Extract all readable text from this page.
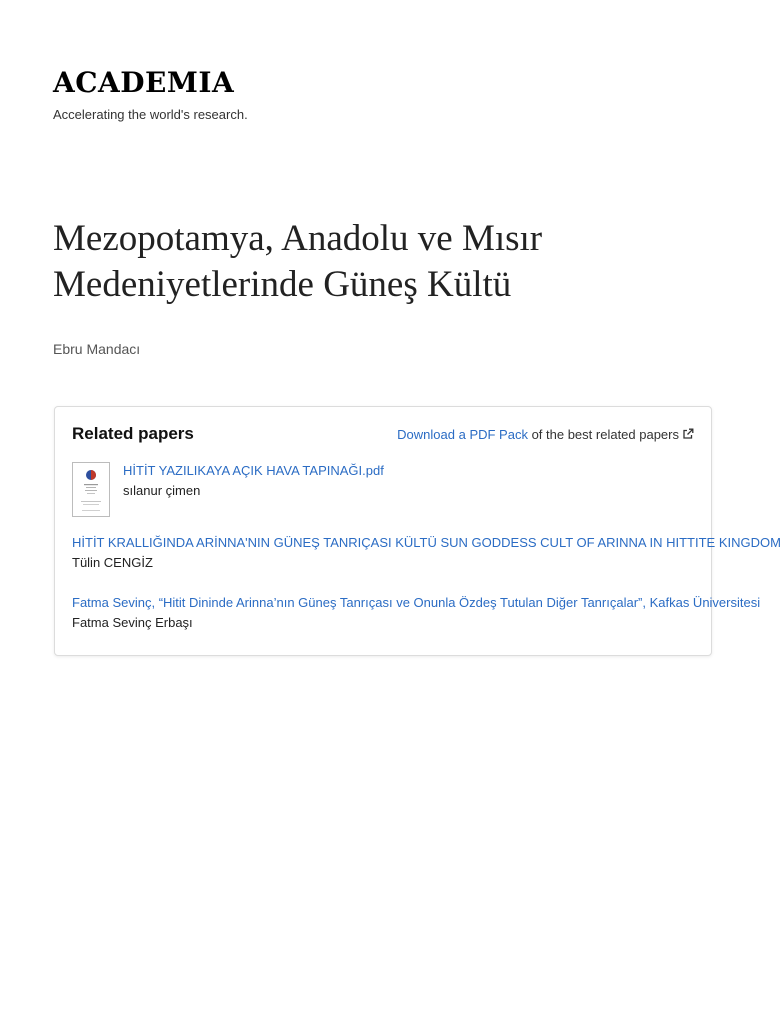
ACADEMIA

Accelerating the world's research.

Mezopotamya, Anadolu ve Mısır Medeniyetlerinde Güneş Kültü

Ebru Mandacı

Related papers	Download a PDF Pack of the best related papers
HİTİT YAZILIKAYA AÇIK HAVA TAPINAĞI.pdf
sılanur çimen
HİTİT KRALLIĞINDA ARİNNA'NIN GÜNEŞ TANRIÇASI KÜLTÜ SUN GODDESS CULT OF ARINNA IN HITTITE KINGDOM
Tülin CENGİZ
Fatma Sevinç, “Hitit Dininde Arinna’nın Güneş Tanrıçası ve Onunla Özdeş Tutulan Diğer Tanrıçalar”, Kafkas Üniversitesi
Fatma Sevinç Erbaşı
